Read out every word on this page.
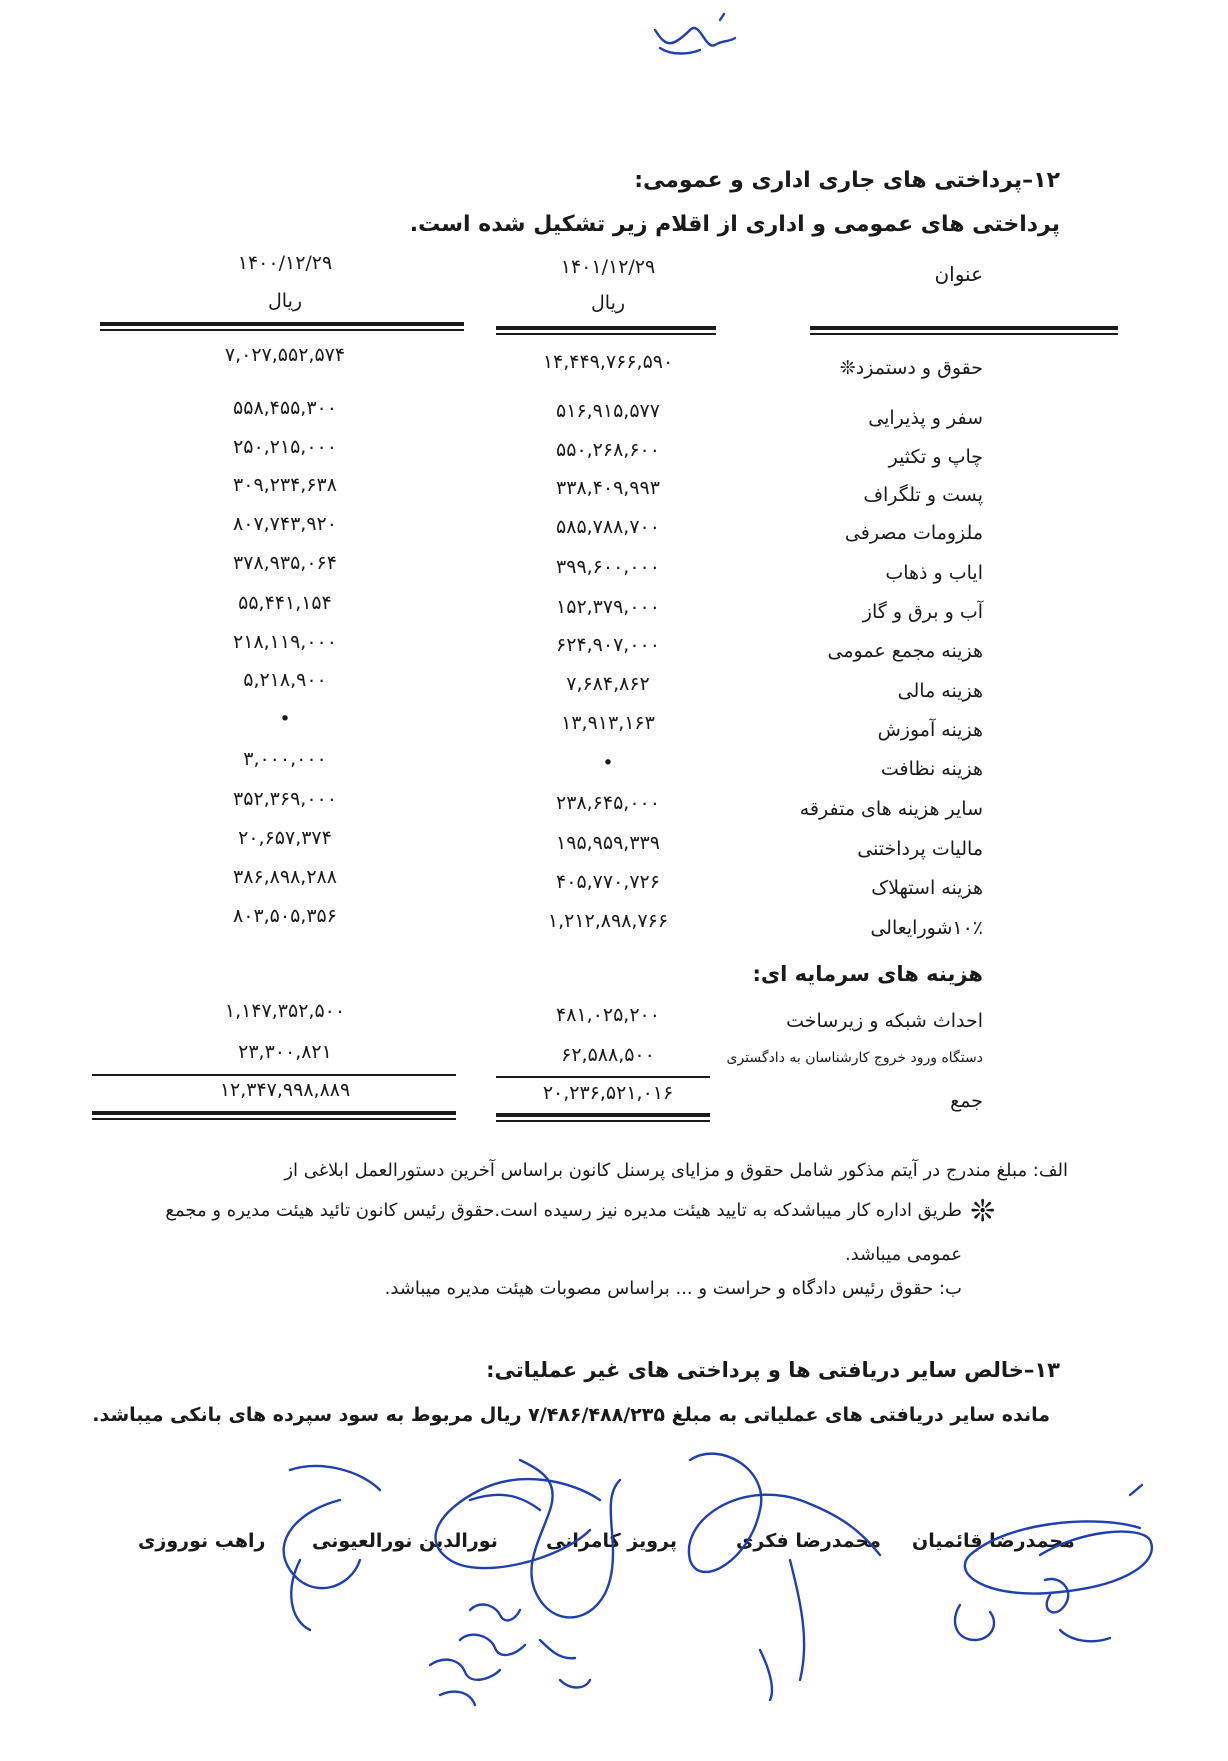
۱۲–پرداختی های جاری اداری و عمومی:
پرداختی های عمومی و اداری از اقلام زیر تشکیل شده است.
عنوان
۱۴۰۱/۱۲/۲۹
ریال
۱۴۰۰/۱۲/۲۹
ریال
حقوق و دستمزد❊
۱۴,۴۴۹,۷۶۶,۵۹۰
۷,۰۲۷,۵۵۲,۵۷۴
سفر و پذیرایی
۵۱۶,۹۱۵,۵۷۷
۵۵۸,۴۵۵,۳۰۰
چاپ و تکثیر
۵۵۰,۲۶۸,۶۰۰
۲۵۰,۲۱۵,۰۰۰
پست و تلگراف
۳۳۸,۴۰۹,۹۹۳
۳۰۹,۲۳۴,۶۳۸
ملزومات مصرفی
۵۸۵,۷۸۸,۷۰۰
۸۰۷,۷۴۳,۹۲۰
ایاب و ذهاب
۳۹۹,۶۰۰,۰۰۰
۳۷۸,۹۳۵,۰۶۴
آب و برق و گاز
۱۵۲,۳۷۹,۰۰۰
۵۵,۴۴۱,۱۵۴
هزینه مجمع عمومی
۶۲۴,۹۰۷,۰۰۰
۲۱۸,۱۱۹,۰۰۰
هزینه مالی
۷,۶۸۴,۸۶۲
۵,۲۱۸,۹۰۰
هزینه آموزش
۱۳,۹۱۳,۱۶۳
•
هزینه نظافت
•
۳,۰۰۰,۰۰۰
سایر هزینه های متفرقه
۲۳۸,۶۴۵,۰۰۰
۳۵۲,۳۶۹,۰۰۰
مالیات پرداختنی
۱۹۵,۹۵۹,۳۳۹
۲۰,۶۵۷,۳۷۴
هزینه استهلاک
۴۰۵,۷۷۰,۷۲۶
۳۸۶,۸۹۸,۲۸۸
۱۰٪شورایعالی
۱,۲۱۲,۸۹۸,۷۶۶
۸۰۳,۵۰۵,۳۵۶
هزینه های سرمایه ای:
احداث شبکه و زیرساخت
۴۸۱,۰۲۵,۲۰۰
۱,۱۴۷,۳۵۲,۵۰۰
دستگاه ورود خروج کارشناسان به دادگستری
۶۲,۵۸۸,۵۰۰
۲۳,۳۰۰,۸۲۱
جمع
۲۰,۲۳۶,۵۲۱,۰۱۶
۱۲,۳۴۷,۹۹۸,۸۸۹
الف: مبلغ مندرج در آیتم مذکور شامل حقوق و مزایای پرسنل کانون براساس آخرین دستورالعمل ابلاغی از
❊
طریق اداره کار میباشدکه به تایید هیئت مدیره نیز رسیده است.حقوق رئیس کانون تائید هیئت مدیره و مجمع
عمومی میباشد.
ب: حقوق رئیس دادگاه و حراست و ... براساس مصوبات هیئت مدیره میباشد.
۱۳–خالص سایر دریافتی ها و پرداختی های غیر عملیاتی:
مانده سایر دریافتی های عملیاتی به مبلغ ۷/۴۸۶/۴۸۸/۲۳۵ ریال مربوط به سود سپرده های بانکی میباشد.
محمدرضا قائمیان
محمدرضا فکری
پرویز کامرانی
نورالدین نورالعیونی
راهب نوروزی
